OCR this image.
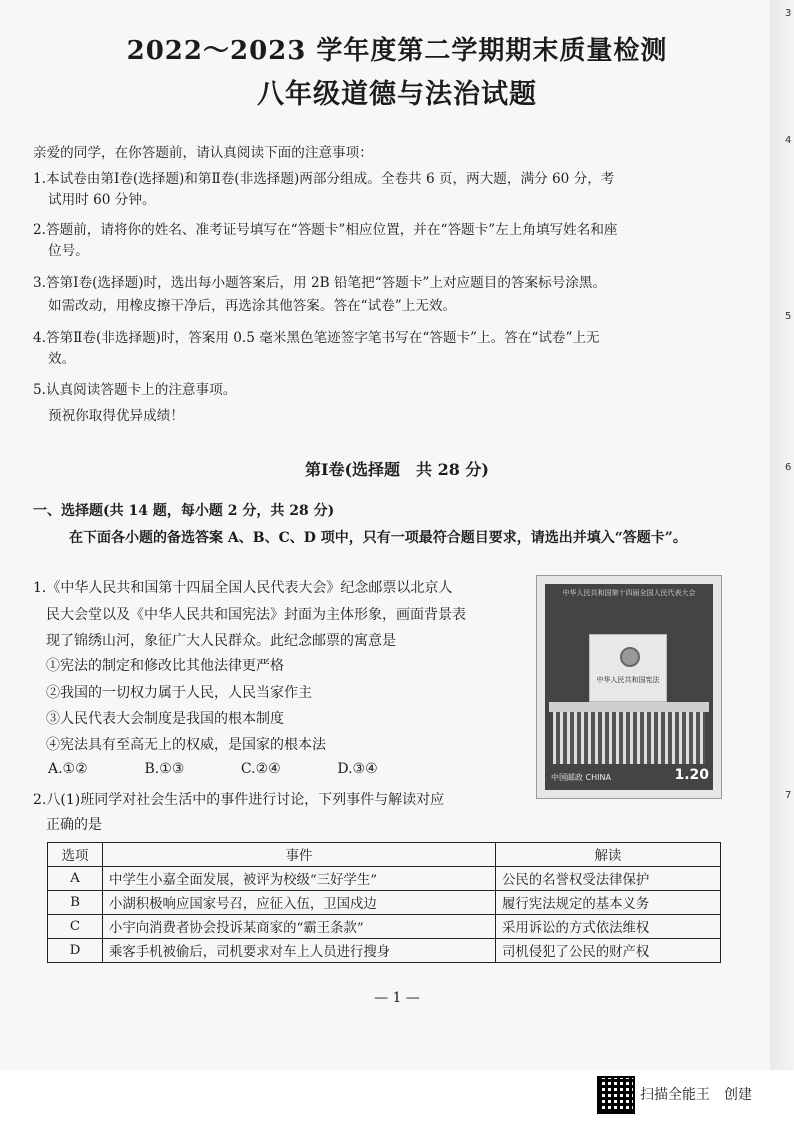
3
4
5
6
7
2022～2023 学年度第二学期期末质量检测
八年级道德与法治试题
亲爱的同学，在你答题前，请认真阅读下面的注意事项：
1.本试卷由第Ⅰ卷(选择题)和第Ⅱ卷(非选择题)两部分组成。全卷共 6 页，两大题，满分 60 分，考
试用时 60 分钟。
2.答题前，请将你的姓名、准考证号填写在“答题卡”相应位置，并在“答题卡”左上角填写姓名和座
位号。
3.答第Ⅰ卷(选择题)时，选出每小题答案后，用 2B 铅笔把“答题卡”上对应题目的答案标号涂黑。
如需改动，用橡皮擦干净后，再选涂其他答案。答在“试卷”上无效。
4.答第Ⅱ卷(非选择题)时，答案用 0.5 毫米黑色笔迹签字笔书写在“答题卡”上。答在“试卷”上无
效。
5.认真阅读答题卡上的注意事项。
预祝你取得优异成绩！
第Ⅰ卷(选择题　共 28 分)
一、选择题(共 14 题，每小题 2 分，共 28 分)
在下面各小题的备选答案 A、B、C、D 项中，只有一项最符合题目要求，请选出并填入“答题卡”。
1.《中华人民共和国第十四届全国人民代表大会》纪念邮票以北京人
民大会堂以及《中华人民共和国宪法》封面为主体形象，画面背景表
现了锦绣山河，象征广大人民群众。此纪念邮票的寓意是
①宪法的制定和修改比其他法律更严格
②我国的一切权力属于人民，人民当家作主
③人民代表大会制度是我国的根本制度
④宪法具有至高无上的权威，是国家的根本法
A.①②	B.①③	C.②④	D.③④
中华人民共和国第十四届全国人民代表大会
中华人民共和国宪法
中国邮政 CHINA	1.20
2.八(1)班同学对社会生活中的事件进行讨论，下列事件与解读对应
正确的是
选项	事件	解读
A	中学生小嘉全面发展，被评为校级“三好学生”	公民的名誉权受法律保护
B	小湖积极响应国家号召，应征入伍，卫国戍边	履行宪法规定的基本义务
C	小宇向消费者协会投诉某商家的“霸王条款”	采用诉讼的方式依法维权
D	乘客手机被偷后，司机要求对车上人员进行搜身	司机侵犯了公民的财产权
— 1 —
扫描全能王　创建
